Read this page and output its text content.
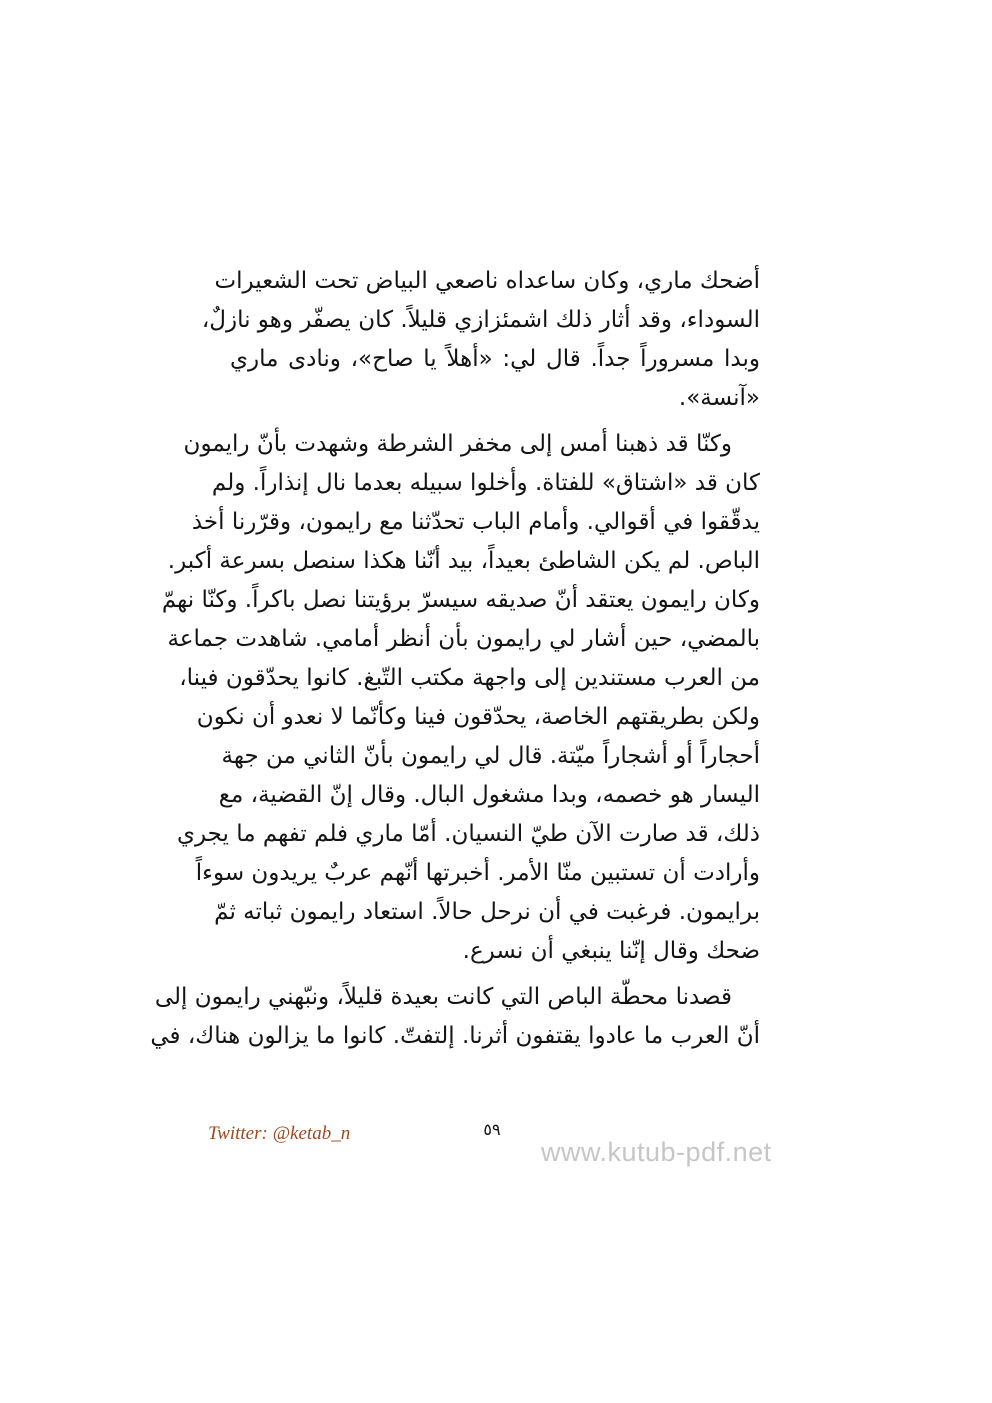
أضحك ماري، وكان ساعداه ناصعي البياض تحت الشعيرات
السوداء، وقد أثار ذلك اشمئزازي قليلاً. كان يصفّر وهو نازلٌ،
وبدا مسروراً جداً. قال لي: «أهلاً يا صاح»، ونادى ماري
«آنسة».
وكنّا قد ذهبنا أمس إلى مخفر الشرطة وشهدت بأنّ رايمون
كان قد «اشتاق» للفتاة. وأخلوا سبيله بعدما نال إنذاراً. ولم
يدقّقوا في أقوالي. وأمام الباب تحدّثنا مع رايمون، وقرّرنا أخذ
الباص. لم يكن الشاطئ بعيداً، بيد أنّنا هكذا سنصل بسرعة أكبر.
وكان رايمون يعتقد أنّ صديقه سيسرّ برؤيتنا نصل باكراً. وكنّا نهمّ
بالمضي، حين أشار لي رايمون بأن أنظر أمامي. شاهدت جماعة
من العرب مستندين إلى واجهة مكتب التّبغ. كانوا يحدّقون فينا،
ولكن بطريقتهم الخاصة، يحدّقون فينا وكأنّما لا نعدو أن نكون
أحجاراً أو أشجاراً ميّتة. قال لي رايمون بأنّ الثاني من جهة
اليسار هو خصمه، وبدا مشغول البال. وقال إنّ القضية، مع
ذلك، قد صارت الآن طيّ النسيان. أمّا ماري فلم تفهم ما يجري
وأرادت أن تستبين منّا الأمر. أخبرتها أنّهم عربٌ يريدون سوءاً
برايمون. فرغبت في أن نرحل حالاً. استعاد رايمون ثباته ثمّ
ضحك وقال إنّنا ينبغي أن نسرع.
قصدنا محطّة الباص التي كانت بعيدة قليلاً، ونبّهني رايمون إلى
أنّ العرب ما عادوا يقتفون أثرنا. إلتفتّ. كانوا ما يزالون هناك، في
Twitter: @ketab_n	٥٩
www.kutub-pdf.net
